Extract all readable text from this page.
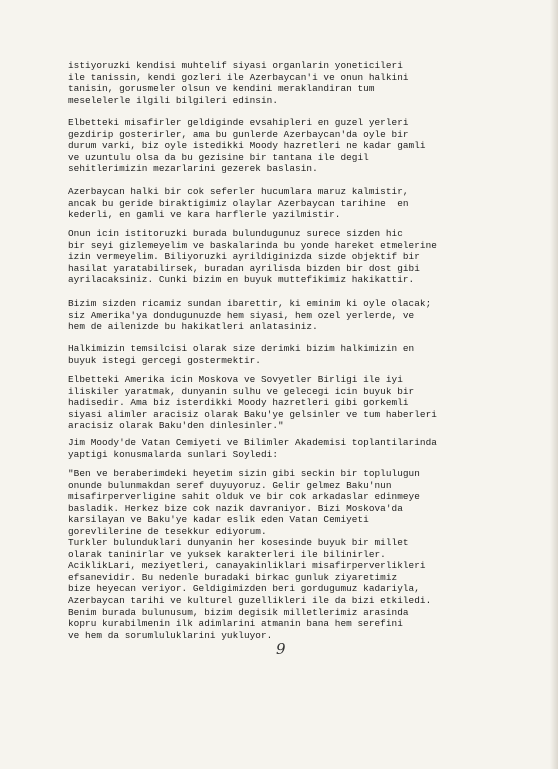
istiyoruzki kendisi muhtelif siyasi organlarin yoneticileri
ile tanissin, kendi gozleri ile Azerbaycan'i ve onun halkini
tanisin, gorusmeler olsun ve kendini meraklandiran tum
meselelerle ilgili bilgileri edinsin.
Elbetteki misafirler geldiginde evsahipleri en guzel yerleri
gezdirip gosterirler, ama bu gunlerde Azerbaycan'da oyle bir
durum varki, biz oyle istedikki Moody hazretleri ne kadar gamli
ve uzuntulu olsa da bu gezisine bir tantana ile degil
sehitlerimizin mezarlarini gezerek baslasin.
Azerbaycan halki bir cok seferler hucumlara maruz kalmistir,
ancak bu geride biraktigimiz olaylar Azerbaycan tarihine  en
kederli, en gamli ve kara harflerle yazilmistir.
Onun icin istitoruzki burada bulundugunuz surece sizden hic
bir seyi gizlemeyelim ve baskalarinda bu yonde hareket etmelerine
izin vermeyelim. Biliyoruzki ayrildiginizda sizde objektif bir
hasilat yaratabilirsek, buradan ayrilisda bizden bir dost gibi
ayrilacaksiniz. Cunki bizim en buyuk muttefikimiz hakikattir.
Bizim sizden ricamiz sundan ibarettir, ki eminim ki oyle olacak;
siz Amerika'ya dondugunuzde hem siyasi, hem ozel yerlerde, ve
hem de ailenizde bu hakikatleri anlatasiniz.
Halkimizin temsilcisi olarak size derimki bizim halkimizin en
buyuk istegi gercegi gostermektir.
Elbetteki Amerika icin Moskova ve Sovyetler Birligi ile iyi
iliskiler yaratmak, dunyanin sulhu ve gelecegi icin buyuk bir
hadisedir. Ama biz isterdikki Moody hazretleri gibi gorkemli
siyasi alimler aracisiz olarak Baku'ye gelsinler ve tum haberleri
aracisiz olarak Baku'den dinlesinler."
Jim Moody'de Vatan Cemiyeti ve Bilimler Akademisi toplantilarinda
yaptigi konusmalarda sunlari Soyledi:
"Ben ve beraberimdeki heyetim sizin gibi seckin bir toplulugun
onunde bulunmakdan seref duyuyoruz. Gelir gelmez Baku'nun
misafirperverligine sahit olduk ve bir cok arkadaslar edinmeye
basladik. Herkez bize cok nazik davraniyor. Bizi Moskova'da
karsilayan ve Baku'ye kadar eslik eden Vatan Cemiyeti
gorevlilerine de tesekkur ediyorum.
Turkler bulunduklari dunyanin her kosesinde buyuk bir millet
olarak taninirlar ve yuksek karakterleri ile bilinirler.
AciklikLari, meziyetleri, canayakinliklari misafirperverlikleri
efsanevidir. Bu nedenle buradaki birkac gunluk ziyaretimiz
bize heyecan veriyor. Geldigimizden beri gordugumuz kadariyla,
Azerbaycan tarihi ve kulturel guzellikleri ile da bizi etkiledi.
Benim burada bulunusum, bizim degisik milletlerimiz arasinda
kopru kurabilmenin ilk adimlarini atmanin bana hem serefini
ve hem da sorumluluklarini yukluyor.
9
